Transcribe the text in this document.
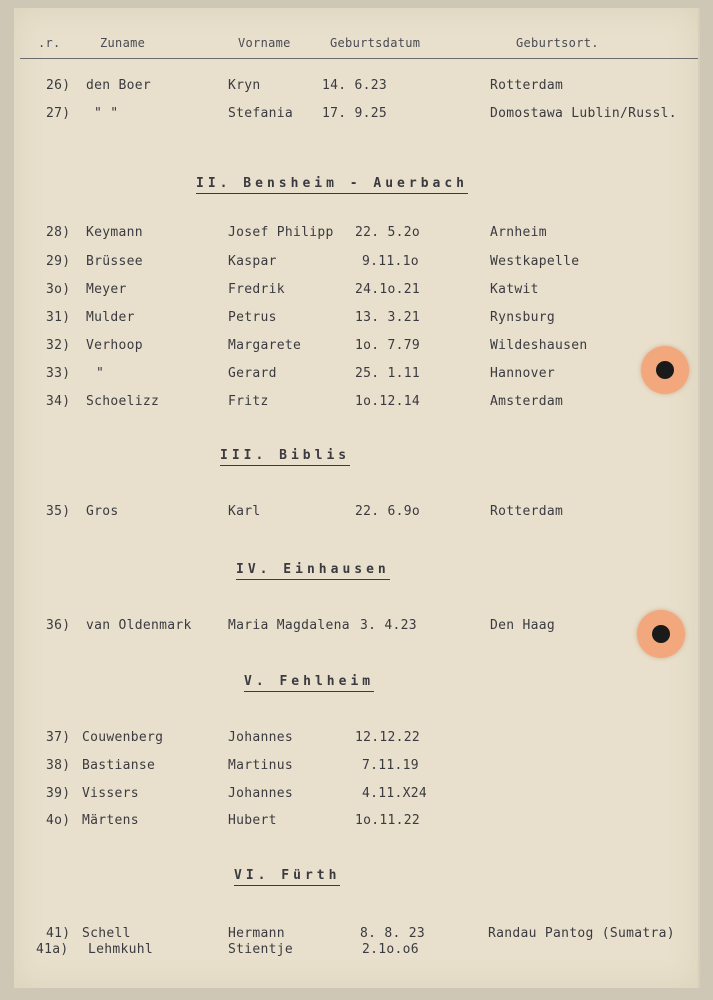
.r.	Zuname	Vorname	Geburtsdatum	Geburtsort.
26) den Boer	Kryn	14. 6.23	Rotterdam
27) " "	Stefania 17. 9.25	Domostawa Lublin/Russl.
II. Bensheim - Auerbach
28) Keymann	Josef Philipp 22. 5.2o	Arnheim
29) Brüssee	Kaspar	9.11.1o	Westkapelle
3o) Meyer	Fredrik	24.1o.21	Katwit
31) Mulder	Petrus	13. 3.21	Rynsburg
32) Verhoop	Margarete	1o. 7.79	Wildeshausen
33) "	Gerard	25. 1.11	Hannover
34) Schoelizz	Fritz	1o.12.14	Amsterdam
III. Biblis
35) Gros	Karl	22. 6.9o	Rotterdam
IV. Einhausen
36) van Oldenmark	Maria Magdalena 3. 4.23	Den Haag
V. Fehlheim
37) Couwenberg	Johannes	12.12.22
38) Bastianse	Martinus	7.11.19
39) Vissers	Johannes	4.11.X24
4o) Märtens	Hubert	1o.11.22
VI. Fürth
41) Schell	Hermann	8. 8. 23	Randau Pantog (Sumatra)
41a) Lehmkuhl	Stientje	2.1o.o6
